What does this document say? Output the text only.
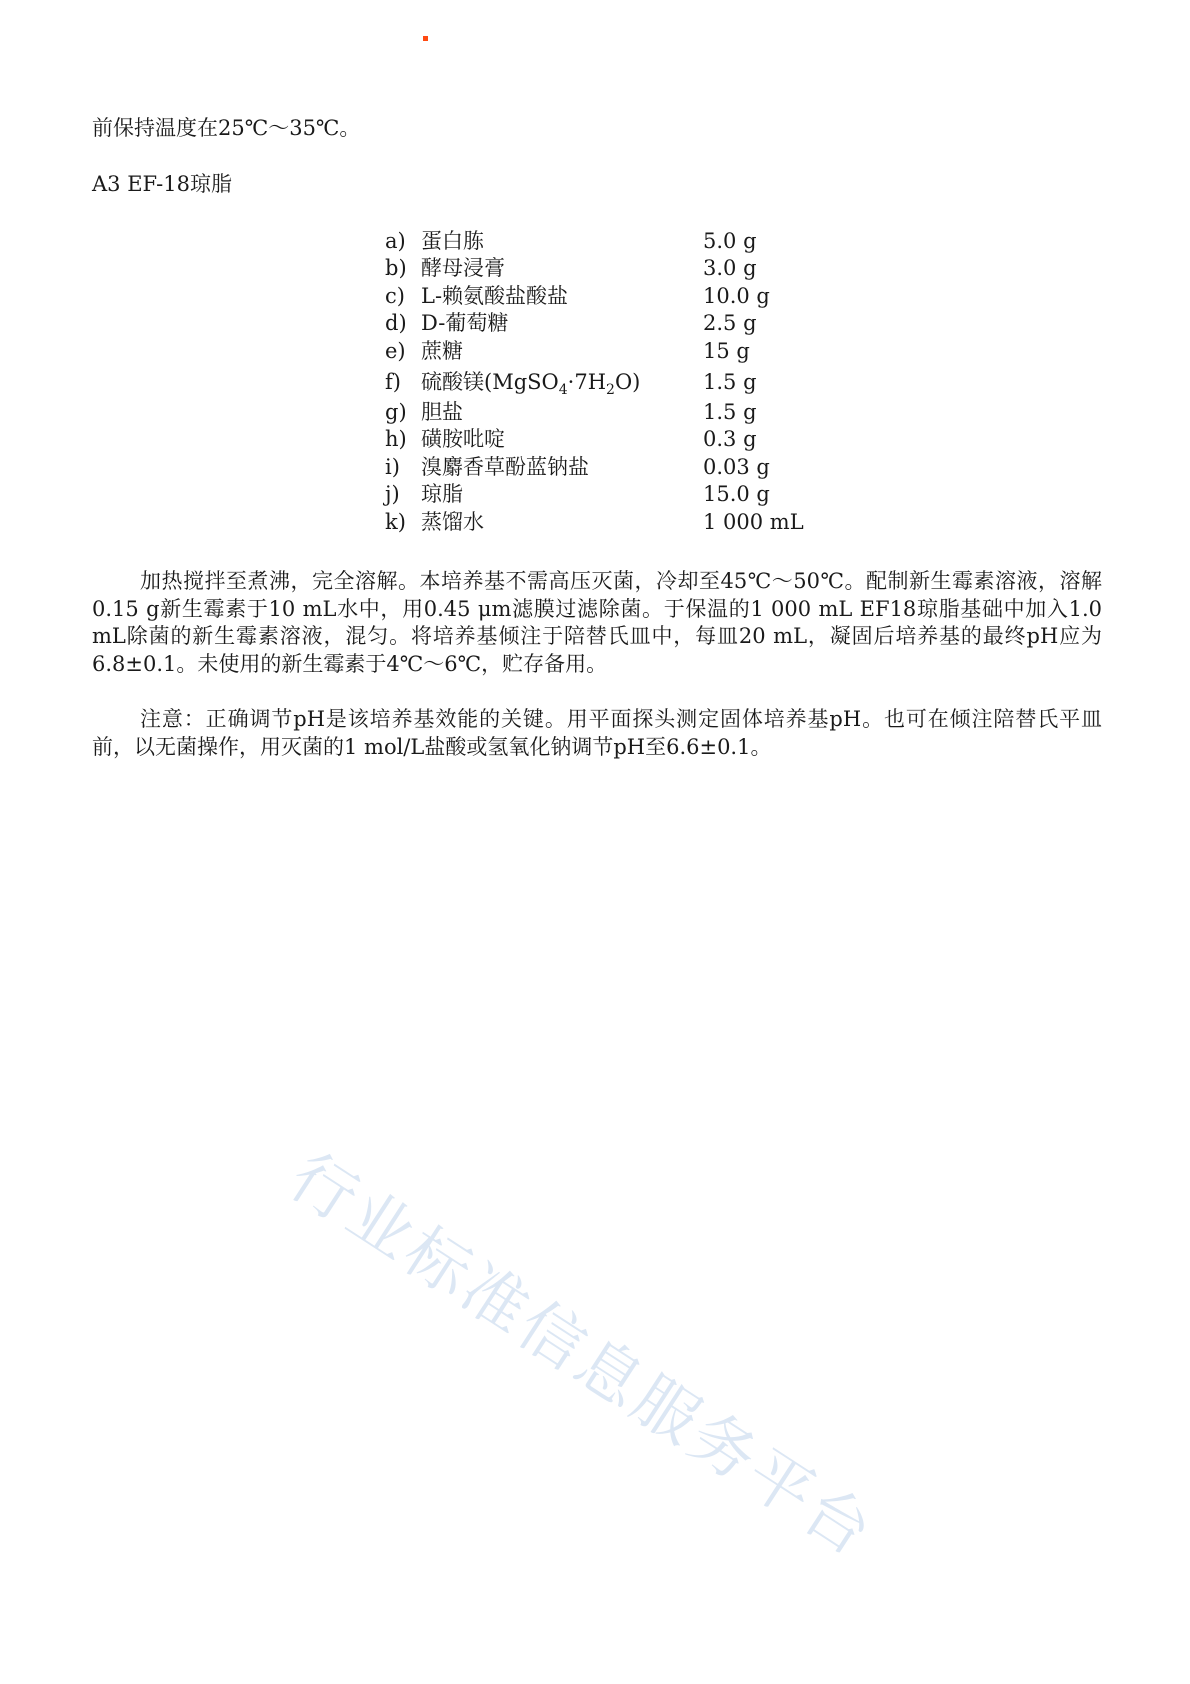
前保持温度在25℃～35℃。
A3 EF-18琼脂
a) 蛋白胨	5.0 g
b) 酵母浸膏	3.0 g
c) L-赖氨酸盐酸盐	10.0 g
d) D-葡萄糖	2.5 g
e) 蔗糖	15 g
f) 硫酸镁$(MgSO_4\cdot 7H_2O)$	1.5 g
g) 胆盐	1.5 g
h) 磺胺吡啶	0.3 g
i)	溴麝香草酚蓝钠盐	0.03 g
j)	琼脂	15.0 g
k) 蒸馏水	1 000 mL

加热搅拌至煮沸，完全溶解。本培养基不需高压灭菌，冷却至45℃～50℃。配制新生霉素溶液，溶解0.15 g新生霉素于10 mL水中，用0.45 μm滤膜过滤除菌。于保温的1 000 mL EF18琼脂基础中加入1.0 mL除菌的新生霉素溶液，混匀。将培养基倾注于陪替氏皿中，每皿20 mL，凝固后培养基的最终pH应为6.8±0.1。未使用的新生霉素于4℃～6℃，贮存备用。

注意：正确调节pH是该培养基效能的关键。用平面探头测定固体培养基pH。也可在倾注陪替氏平皿前，以无菌操作，用灭菌的1 mol/L盐酸或氢氧化钠调节pH至6.6±0.1。

行业标准信息服务平台
